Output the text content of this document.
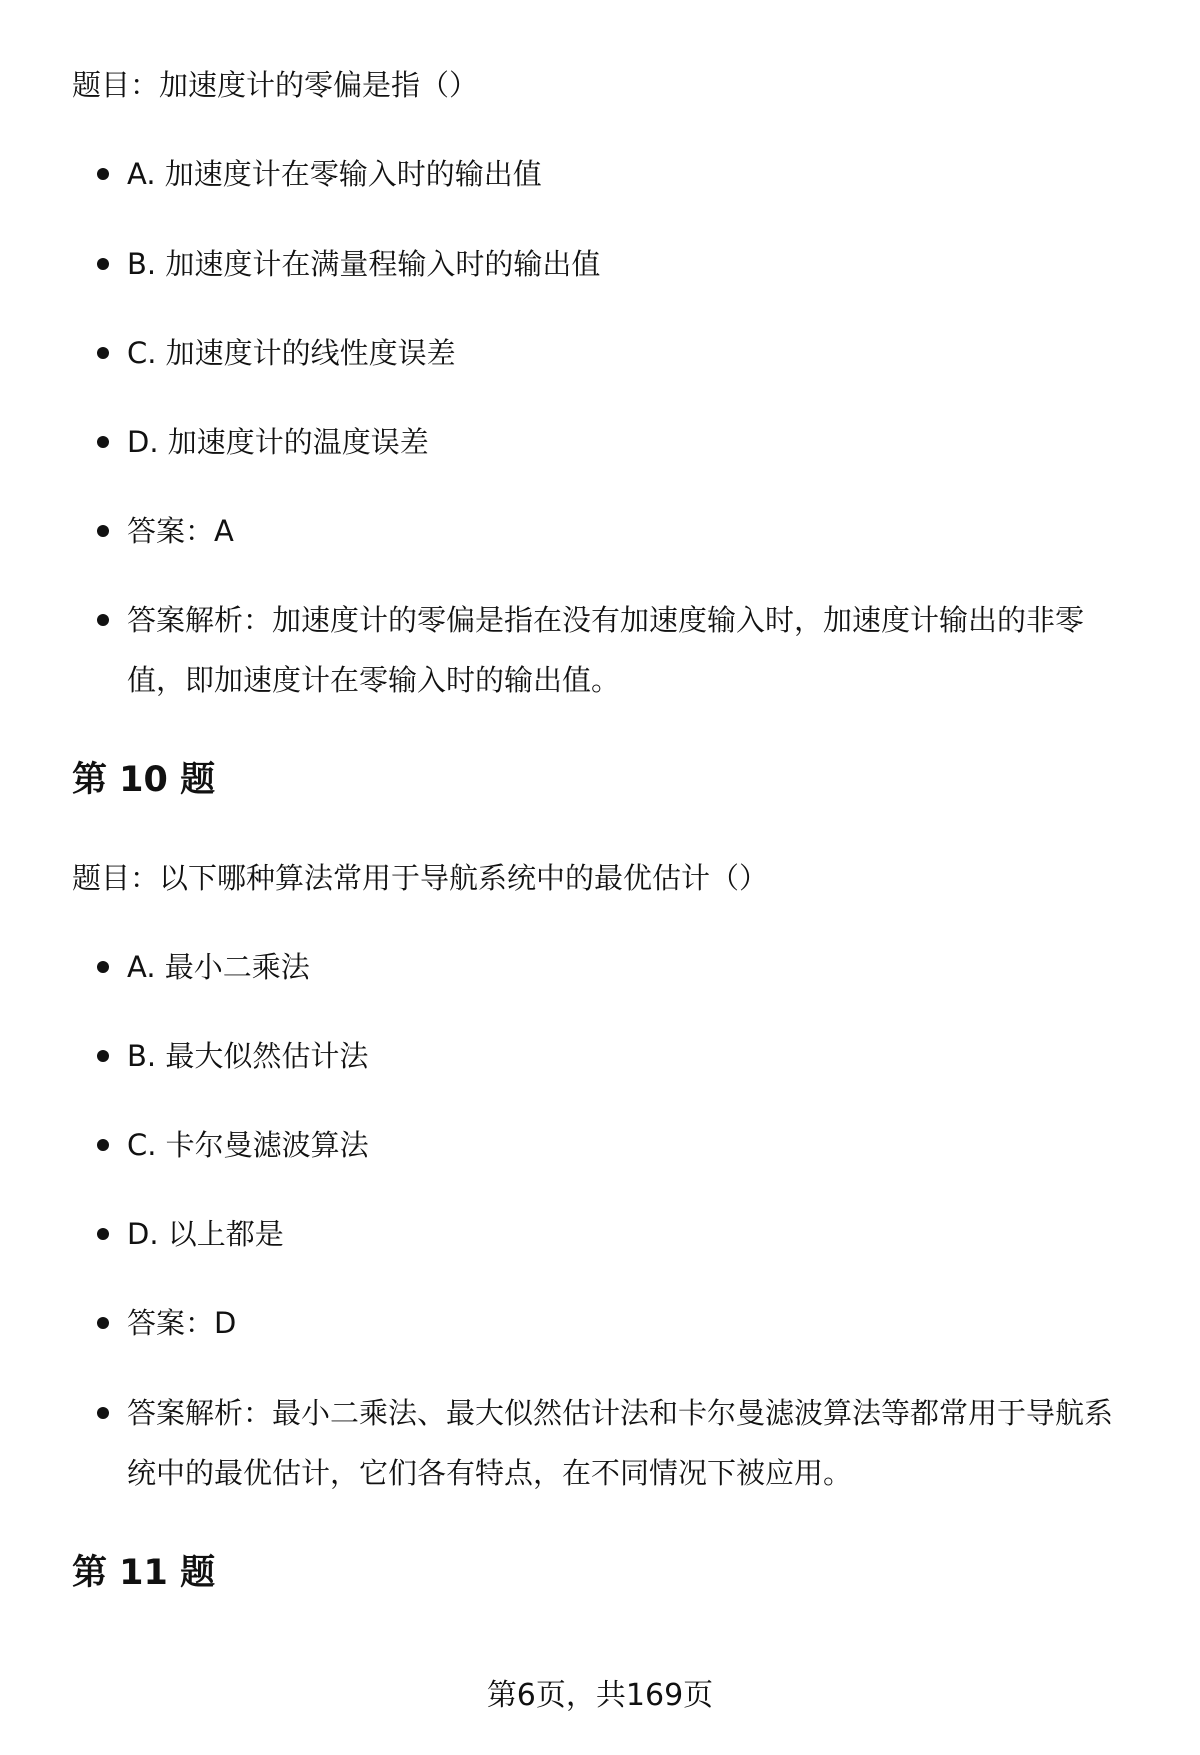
题目：加速度计的零偏是指（）
A. 加速度计在零输入时的输出值
B. 加速度计在满量程输入时的输出值
C. 加速度计的线性度误差
D. 加速度计的温度误差
答案：A
答案解析：加速度计的零偏是指在没有加速度输入时，加速度计输出的非零值，即加速度计在零输入时的输出值。
第 10 题
题目：以下哪种算法常用于导航系统中的最优估计（）
A. 最小二乘法
B. 最大似然估计法
C. 卡尔曼滤波算法
D. 以上都是
答案：D
答案解析：最小二乘法、最大似然估计法和卡尔曼滤波算法等都常用于导航系统中的最优估计，它们各有特点，在不同情况下被应用。
第 11 题
第6页，共169页
